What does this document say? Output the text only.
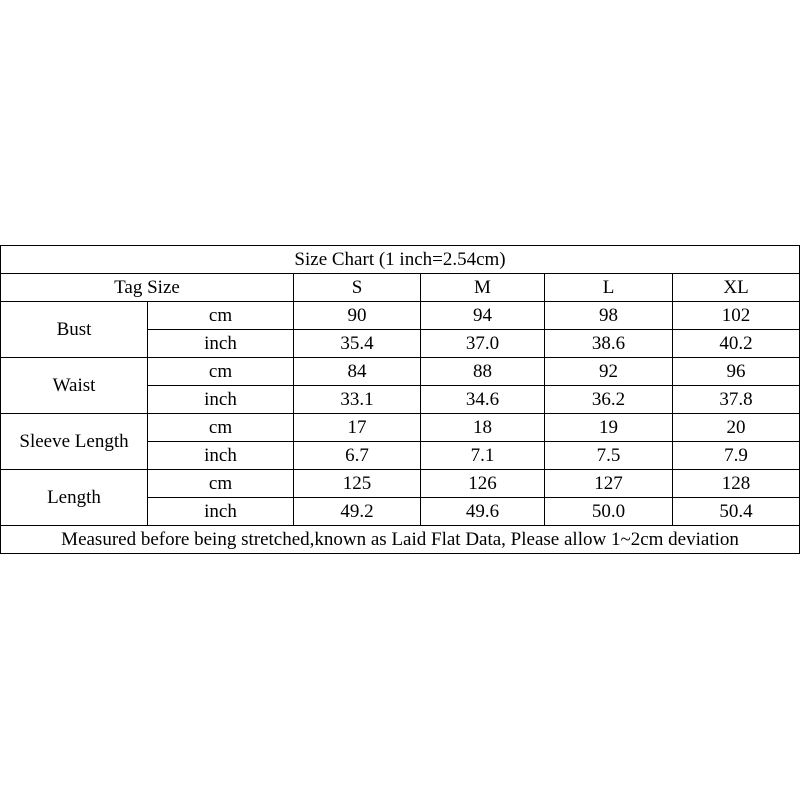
Size Chart (1 inch=2.54cm)					
Tag Size		S	M	L	XL
Bust	cm	90	94	98	102
	inch	35.4	37.0	38.6	40.2
Waist	cm	84	88	92	96
	inch	33.1	34.6	36.2	37.8
Sleeve Length	cm	17	18	19	20
	inch	6.7	7.1	7.5	7.9
Length	cm	125	126	127	128
	inch	49.2	49.6	50.0	50.4
Measured before being stretched,known as Laid Flat Data, Please allow 1~2cm deviation					
